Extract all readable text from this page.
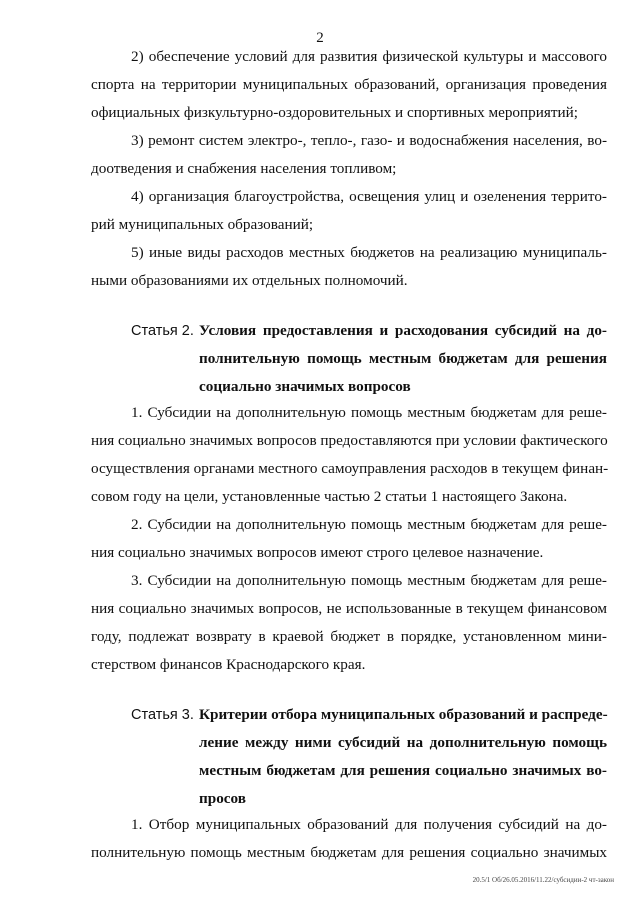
2
2) обеспечение условий для развития физической культуры и массового
спорта на территории муниципальных образований, организация проведения
официальных физкультурно-оздоровительных и спортивных мероприятий;
3) ремонт систем электро-, тепло-, газо- и водоснабжения населения, во-
доотведения и снабжения населения топливом;
4) организация благоустройства, освещения улиц и озеленения террито-
рий муниципальных образований;
5) иные виды расходов местных бюджетов на реализацию муниципаль-
ными образованиями их отдельных полномочий.
Статья 2. Условия предоставления и расходования субсидий на до-
полнительную помощь местным бюджетам для решения
социально значимых вопросов
1. Субсидии на дополнительную помощь местным бюджетам для реше-
ния социально значимых вопросов предоставляются при условии фактического
осуществления органами местного самоуправления расходов в текущем финан-
совом году на цели, установленные частью 2 статьи 1 настоящего Закона.
2. Субсидии на дополнительную помощь местным бюджетам для реше-
ния социально значимых вопросов имеют строго целевое назначение.
3. Субсидии на дополнительную помощь местным бюджетам для реше-
ния социально значимых вопросов, не использованные в текущем финансовом
году, подлежат возврату в краевой бюджет в порядке, установленном мини-
стерством финансов Краснодарского края.
Статья 3. Критерии отбора муниципальных образований и распреде-
ление между ними субсидий на дополнительную помощь
местным бюджетам для решения социально значимых во-
просов
1. Отбор муниципальных образований для получения субсидий на до-
полнительную помощь местным бюджетам для решения социально значимых
20.5/1 Об/26.05.2016/11.22/субсидии-2 чт-закон
